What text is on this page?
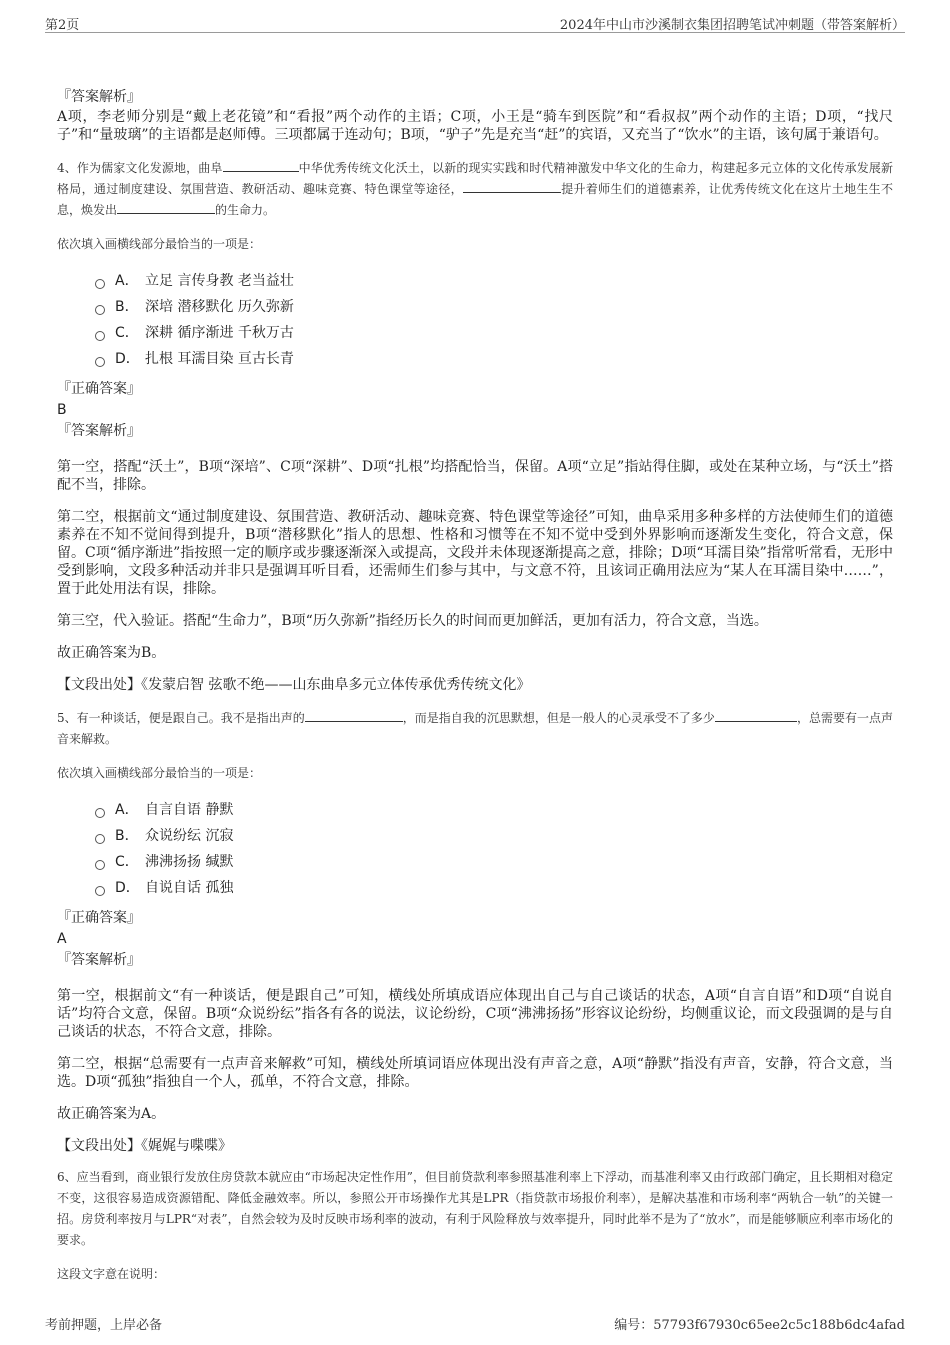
第2页	2024年中山市沙溪制衣集团招聘笔试冲刺题（带答案解析）
『答案解析』
A项，李老师分别是“戴上老花镜”和“看报”两个动作的主语；C项，小王是“骑车到医院”和“看叔叔”两个动作的主语；D项，“找尺子”和“量玻璃”的主语都是赵师傅。三项都属于连动句；B项，“驴子”先是充当“赶”的宾语，又充当了“饮水”的主语，该句属于兼语句。
4、作为儒家文化发源地，曲阜	中华优秀传统文化沃土，以新的现实实践和时代精神激发中华文化的生命力，构建起多元立体的文化传承发展新格局，通过制度建设、氛围营造、教研活动、趣味竞赛、特色课堂等途径，	提升着师生们的道德素养，让优秀传统文化在这片土地生生不息，焕发出	的生命力。
依次填入画横线部分最恰当的一项是：
A． 立足 言传身教 老当益壮
B． 深培 潜移默化 历久弥新
C． 深耕 循序渐进 千秋万古
D． 扎根 耳濡目染 亘古长青
『正确答案』
B
『答案解析』
第一空，搭配“沃土”，B项“深培”、C项“深耕”、D项“扎根”均搭配恰当，保留。A项“立足”指站得住脚，或处在某种立场，与“沃土”搭配不当，排除。
第二空，根据前文“通过制度建设、氛围营造、教研活动、趣味竞赛、特色课堂等途径”可知，曲阜采用多种多样的方法使师生们的道德素养在不知不觉间得到提升，B项“潜移默化”指人的思想、性格和习惯等在不知不觉中受到外界影响而逐渐发生变化，符合文意，保留。C项“循序渐进”指按照一定的顺序或步骤逐渐深入或提高，文段并未体现逐渐提高之意，排除；D项“耳濡目染”指常听常看，无形中受到影响，文段多种活动并非只是强调耳听目看，还需师生们参与其中，与文意不符，且该词正确用法应为“某人在耳濡目染中……”，置于此处用法有误，排除。
第三空，代入验证。搭配“生命力”，B项“历久弥新”指经历长久的时间而更加鲜活，更加有活力，符合文意，当选。
故正确答案为B。
【文段出处】《发蒙启智 弦歌不绝——山东曲阜多元立体传承优秀传统文化》
5、有一种谈话，便是跟自己。我不是指出声的	，而是指自我的沉思默想，但是一般人的心灵承受不了多少	，总需要有一点声音来解救。
依次填入画横线部分最恰当的一项是：
A． 自言自语 静默
B． 众说纷纭 沉寂
C． 沸沸扬扬 缄默
D． 自说自话 孤独
『正确答案』
A
『答案解析』
第一空，根据前文“有一种谈话，便是跟自己”可知，横线处所填成语应体现出自己与自己谈话的状态，A项“自言自语”和D项“自说自话”均符合文意，保留。B项“众说纷纭”指各有各的说法，议论纷纷，C项“沸沸扬扬”形容议论纷纷，均侧重议论，而文段强调的是与自己谈话的状态，不符合文意，排除。
第二空，根据“总需要有一点声音来解救”可知，横线处所填词语应体现出没有声音之意，A项“静默”指没有声音，安静，符合文意，当选。D项“孤独”指独自一个人，孤单，不符合文意，排除。
故正确答案为A。
【文段出处】《娓娓与喋喋》
6、应当看到，商业银行发放住房贷款本就应由“市场起决定性作用”，但目前贷款利率参照基准利率上下浮动，而基准利率又由行政部门确定，且长期相对稳定不变，这很容易造成资源错配、降低金融效率。所以，参照公开市场操作尤其是LPR（指贷款市场报价利率），是解决基准和市场利率“两轨合一轨”的关键一招。房贷利率按月与LPR“对表”，自然会较为及时反映市场利率的波动，有利于风险释放与效率提升，同时此举不是为了“放水”，而是能够顺应利率市场化的要求。
这段文字意在说明：
考前押题，上岸必备	编号：57793f67930c65ee2c5c188b6dc4afad
